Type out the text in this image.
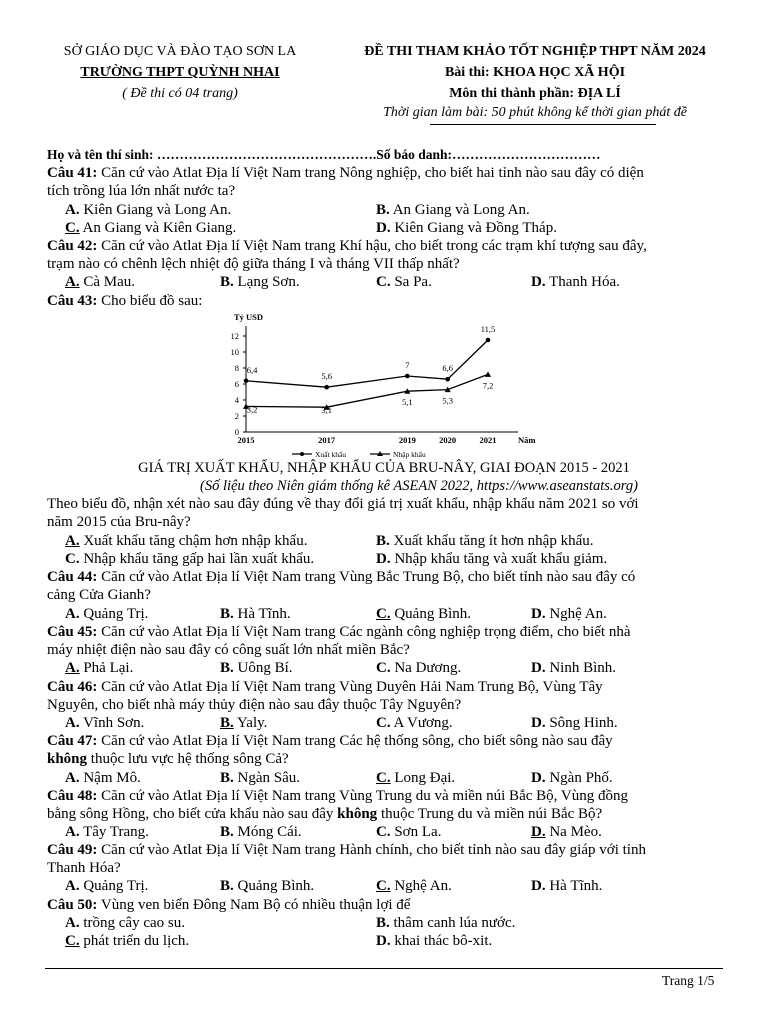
SỞ GIÁO DỤC VÀ ĐÀO TẠO SƠN LA
TRƯỜNG THPT QUỲNH NHAI
( Đề thi có 04 trang)
ĐỀ THI THAM KHẢO TỐT NGHIỆP THPT NĂM 2024
Bài thi: KHOA HỌC XÃ HỘI
Môn thi thành phần: ĐỊA LÍ
Thời gian làm bài: 50 phút không kể thời gian phát đề
Họ và tên thí sinh: ………………………………………….Số báo danh:……………………………
Câu 41: Căn cứ vào Atlat Địa lí Việt Nam trang Nông nghiệp, cho biết hai tỉnh nào sau đây có diện
tích trồng lúa lớn nhất nước ta?
A. Kiên Giang và Long An.	B. An Giang và Long An.
C. An Giang và Kiên Giang.	D. Kiên Giang và Đồng Tháp.
Câu 42: Căn cứ vào Atlat Địa lí Việt Nam trang Khí hậu, cho biết trong các trạm khí tượng sau đây,
trạm nào có chênh lệch nhiệt độ giữa tháng I và tháng VII thấp nhất?
A. Cà Mau.	B. Lạng Sơn.	C. Sa Pa.	D. Thanh Hóa.
Câu 43: Cho biểu đồ sau:
Tỷ USD
Năm
0
2
4
6
8
10
12
2015	2017	2019	2020	2021
6,4
5,6
7	6,6
11,5
3,2	3,1
5,1	5,3
7,2
Xuất khẩu	Nhập khẩu
GIÁ TRỊ XUẤT KHẨU, NHẬP KHẨU CỦA BRU-NÂY, GIAI ĐOẠN 2015 - 2021
(Số liệu theo Niên giám thống kê ASEAN 2022, https://www.aseanstats.org)
Theo biểu đồ, nhận xét nào sau đây đúng về thay đổi giá trị xuất khẩu, nhập khẩu năm 2021 so với
năm 2015 của Bru-nây?
A. Xuất khẩu tăng chậm hơn nhập khẩu.	B. Xuất khẩu tăng ít hơn nhập khẩu.
C. Nhập khẩu tăng gấp hai lần xuất khẩu.	D. Nhập khẩu tăng và xuất khẩu giảm.
Câu 44: Căn cứ vào Atlat Địa lí Việt Nam trang Vùng Bắc Trung Bộ, cho biết tỉnh nào sau đây có
cảng Cửa Gianh?
A. Quảng Trị.	B. Hà Tĩnh.	C. Quảng Bình.	D. Nghệ An.
Câu 45: Căn cứ vào Atlat Địa lí Việt Nam trang Các ngành công nghiệp trọng điểm, cho biết nhà
máy nhiệt điện nào sau đây có công suất lớn nhất miền Bắc?
A. Phả Lại.	B. Uông Bí.	C. Na Dương.	D. Ninh Bình.
Câu 46: Căn cứ vào Atlat Địa lí Việt Nam trang Vùng Duyên Hải Nam Trung Bộ, Vùng Tây
Nguyên, cho biết nhà máy thủy điện nào sau đây thuộc Tây Nguyên?
A. Vĩnh Sơn.	B. Yaly.	C. A Vương.	D. Sông Hinh.
Câu 47: Căn cứ vào Atlat Địa lí Việt Nam trang Các hệ thống sông, cho biết sông nào sau đây
không thuộc lưu vực hệ thống sông Cả?
A. Nậm Mô.	B. Ngàn Sâu.	C. Long Đại.	D. Ngàn Phố.
Câu 48: Căn cứ vào Atlat Địa lí Việt Nam trang Vùng Trung du và miền núi Bắc Bộ, Vùng đồng
bằng sông Hồng, cho biết cửa khẩu nào sau đây không thuộc Trung du và miền núi Bắc Bộ?
A. Tây Trang.	B. Móng Cái.	C. Sơn La.	D. Na Mèo.
Câu 49: Căn cứ vào Atlat Địa lí Việt Nam trang Hành chính, cho biết tỉnh nào sau đây giáp với tỉnh
Thanh Hóa?
A. Quảng Trị.	B. Quảng Bình.	C. Nghệ An.	D. Hà Tĩnh.
Câu 50: Vùng ven biển Đông Nam Bộ có nhiều thuận lợi để
A. trồng cây cao su.	B. thâm canh lúa nước.
C. phát triển du lịch.	D. khai thác bô-xit.
Trang 1/5
